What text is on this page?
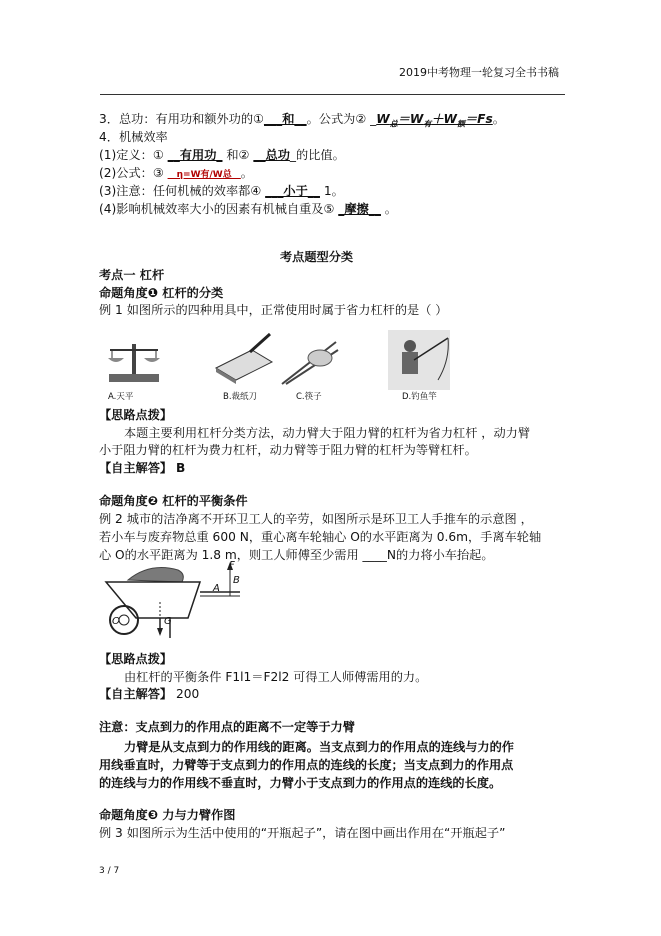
2019中考物理一轮复习全书书稿
3．总功：有用功和额外功的①___和__。公式为② $\_W_总=W_有+W_额=Fs$。
4．机械效率
(1)定义：① __有用功_ 和② __总功_的比值。
(2)公式：③ __η=W有/W总__。
(3)注意：任何机械的效率都④ ___小于__ 1。
(4)影响机械效率大小的因素有机械自重及⑤ _摩擦__ 。
考点题型分类
考点一 杠杆
命题角度❶ 杠杆的分类
例 1 如图所示的四种用具中，正常使用时属于省力杠杆的是（ ）
A.天平	B.裁纸刀	C.筷子	D.钓鱼竿
【思路点拨】
本题主要利用杠杆分类方法，动力臂大于阻力臂的杠杆为省力杠杆 ，动力臂
小于阻力臂的杠杆为费力杠杆，动力臂等于阻力臂的杠杆为等臂杠杆。
【自主解答】 B
命题角度❷ 杠杆的平衡条件
例 2 城市的洁净离不开环卫工人的辛劳，如图所示是环卫工人手推车的示意图 ，
若小车与废弃物总重 600 N，重心离车轮轴心 O的水平距离为 0.6m，手离车轮轴
心 O的水平距离为 1.8 m，则工人师傅至少需用 ____N的力将小车抬起。
F
A
B
O	G
【思路点拨】
由杠杆的平衡条件 F1l1＝F2l2 可得工人师傅需用的力。
【自主解答】 200
注意：支点到力的作用点的距离不一定等于力臂
力臂是从支点到力的作用线的距离。当支点到力的作用点的连线与力的作
用线垂直时，力臂等于支点到力的作用点的连线的长度；当支点到力的作用点
的连线与力的作用线不垂直时，力臂小于支点到力的作用点的连线的长度。
命题角度❸ 力与力臂作图
例 3 如图所示为生活中使用的“开瓶起子”，请在图中画出作用在“开瓶起子”
3 / 7
